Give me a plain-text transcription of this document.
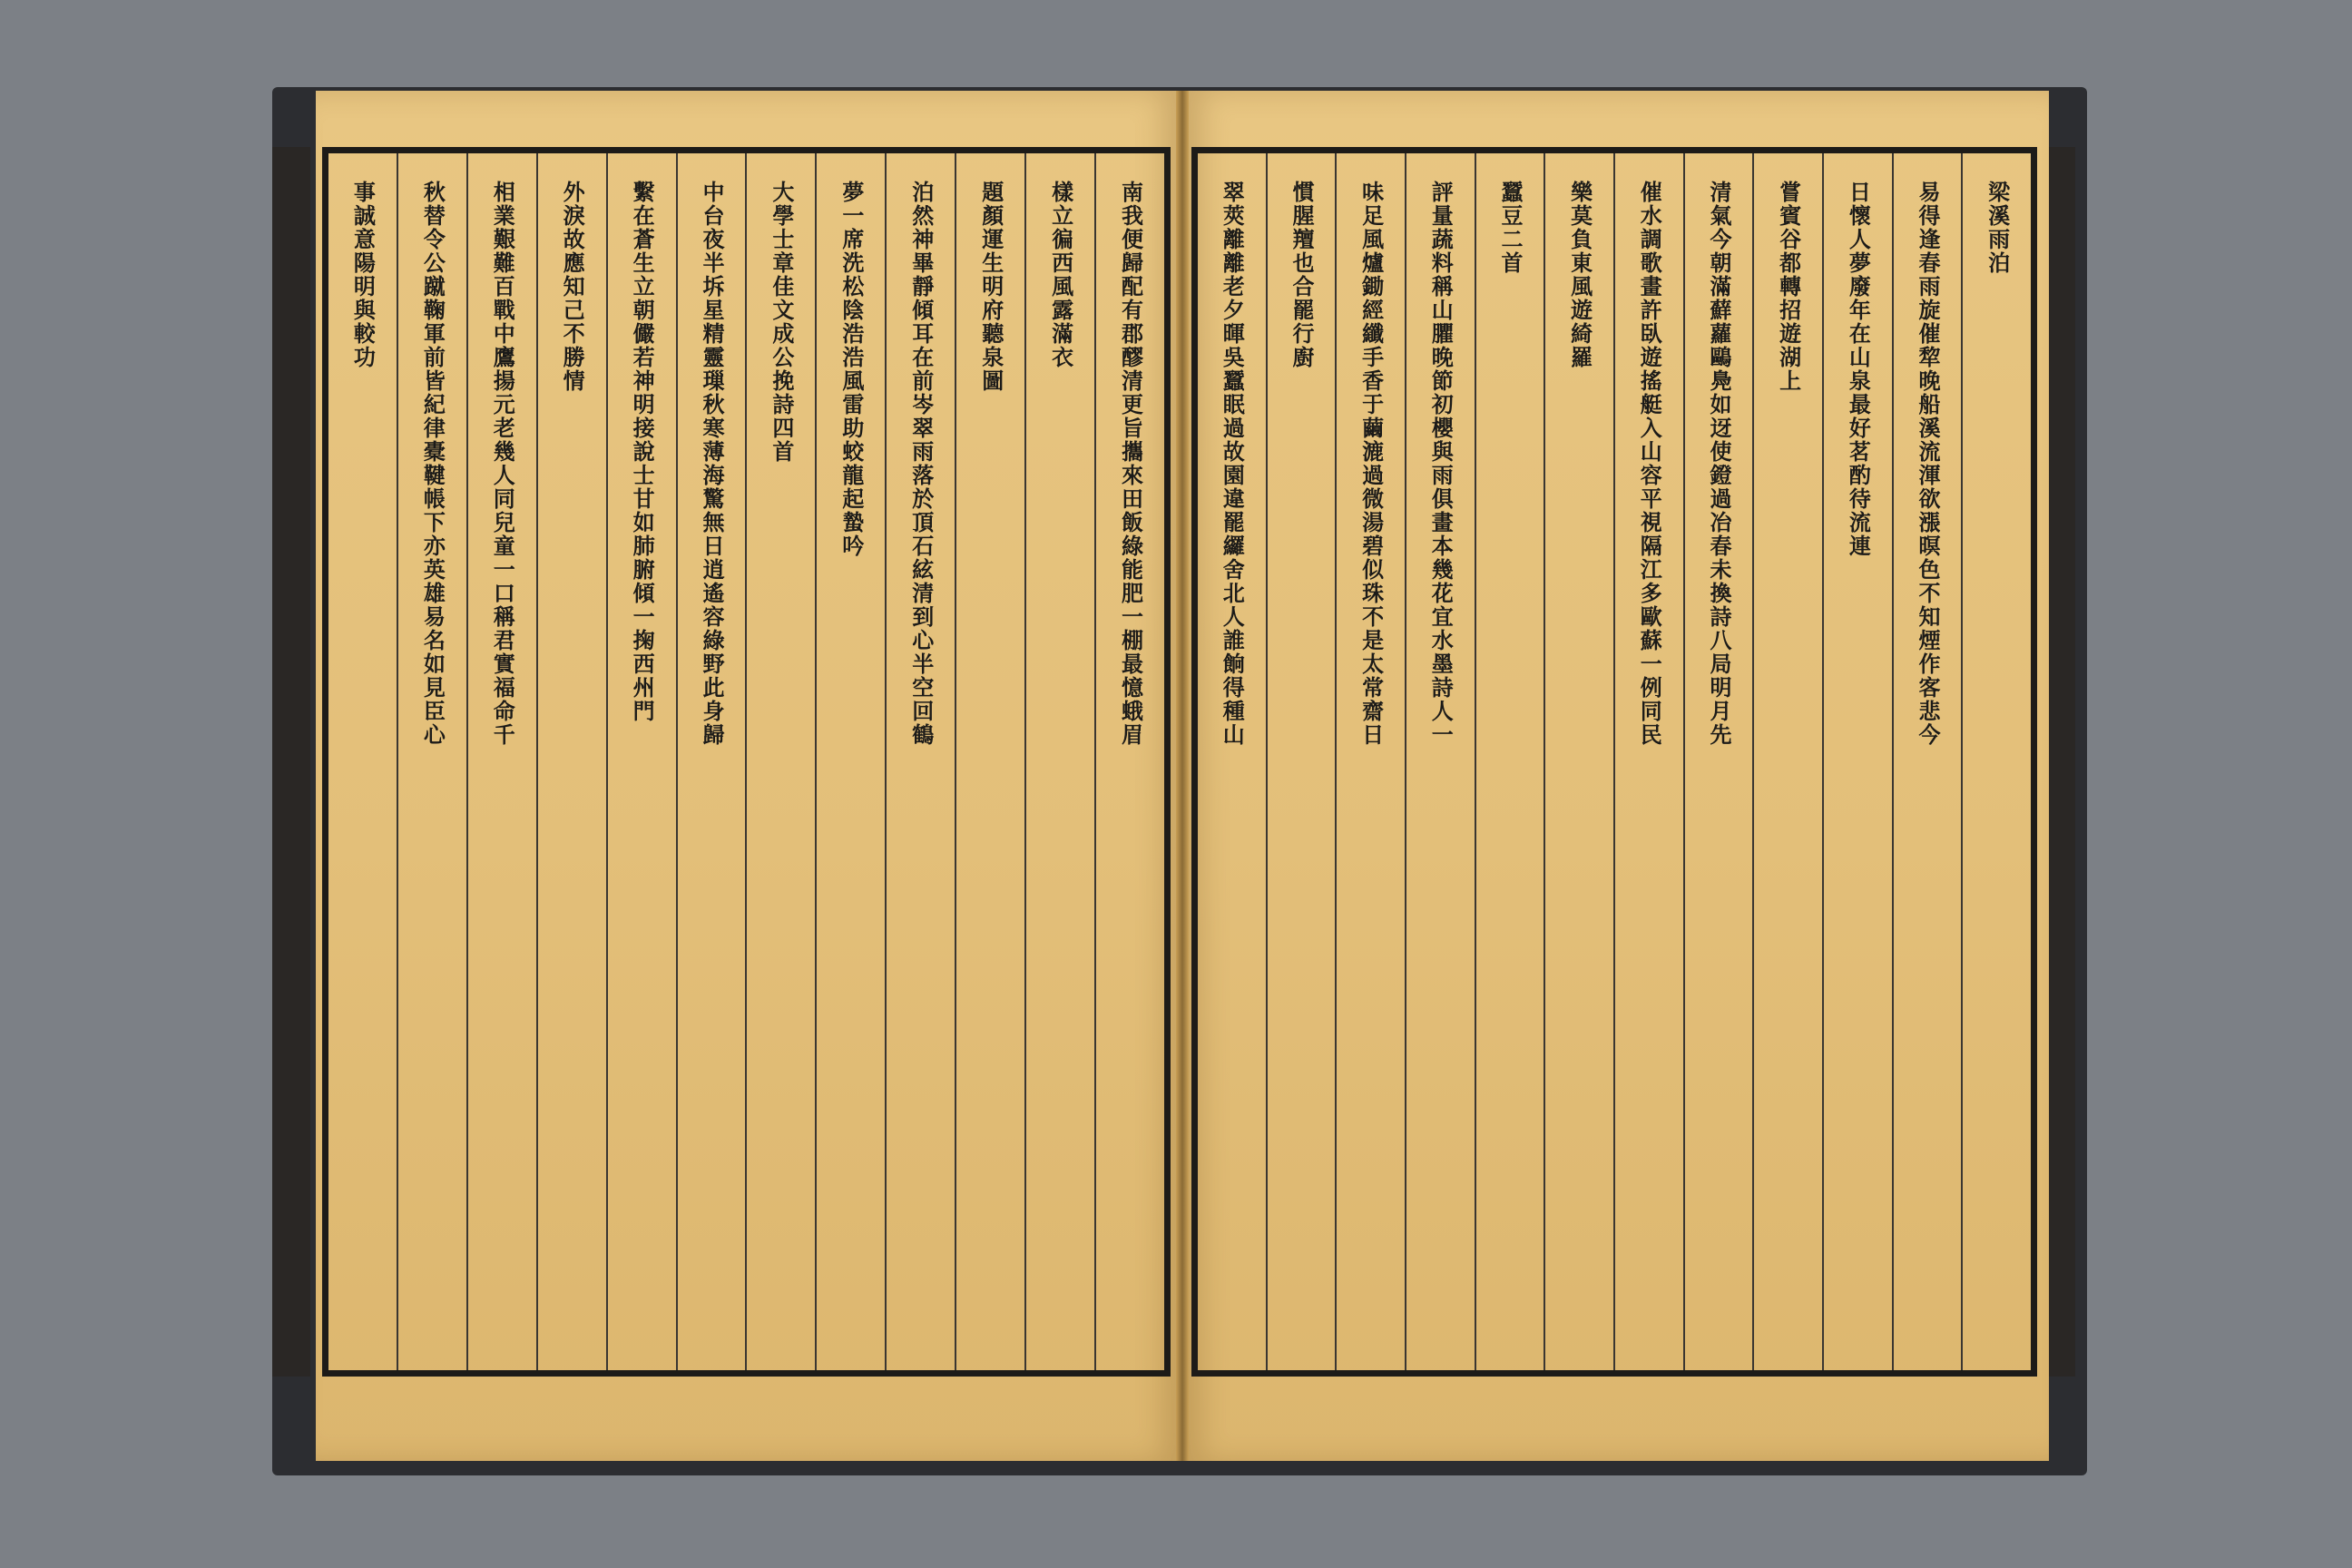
梁溪雨泊
易得逢春雨旋催犂晚船溪流渾欲漲暝色不知煙作客悲今
日懷人夢廢年在山泉最好茗酌待流連
嘗賓谷都轉招遊湖上
清氣今朝滿蘚蘿鷗鳧如迓使鐙過冶春未換詩八局明月先
催水調歌畫許臥遊搖艇入山容平視隔江多歐蘇一例同民
樂莫負東風遊綺羅
蠶豆二首
評量蔬料稱山臞晚節初櫻與雨俱畫本幾花宜水墨詩人一
味足風爐鋤經纖手香于繭漉過微湯碧似珠不是太常齋日
慣腥羶也合罷行廚
翠莢離離老夕暉吳蠶眠過故園違罷纙舍北人誰餉得種山
南我便歸配有郡醪清更旨攜來田飯綠能肥一棚最憶蛾眉
樣立徧西風露滿衣
題顏運生明府聽泉圖
泊然神畢靜傾耳在前岑翠雨落於頂石絃清到心半空回鶴
夢一席洗松陰浩浩風雷助蛟龍起蟄吟
大學士章佳文成公挽詩四首
中台夜半坼星精靈璅秋寒薄海驚無日逍遙容綠野此身歸
繫在蒼生立朝儼若神明接說士甘如肺腑傾一掬西州門
外淚故應知己不勝情
相業艱難百戰中鷹揚元老幾人同兒童一口稱君實福命千
秋替令公蹴鞠軍前皆紀律橐鞬帳下亦英雄易名如見臣心
事誠意陽明與較功
